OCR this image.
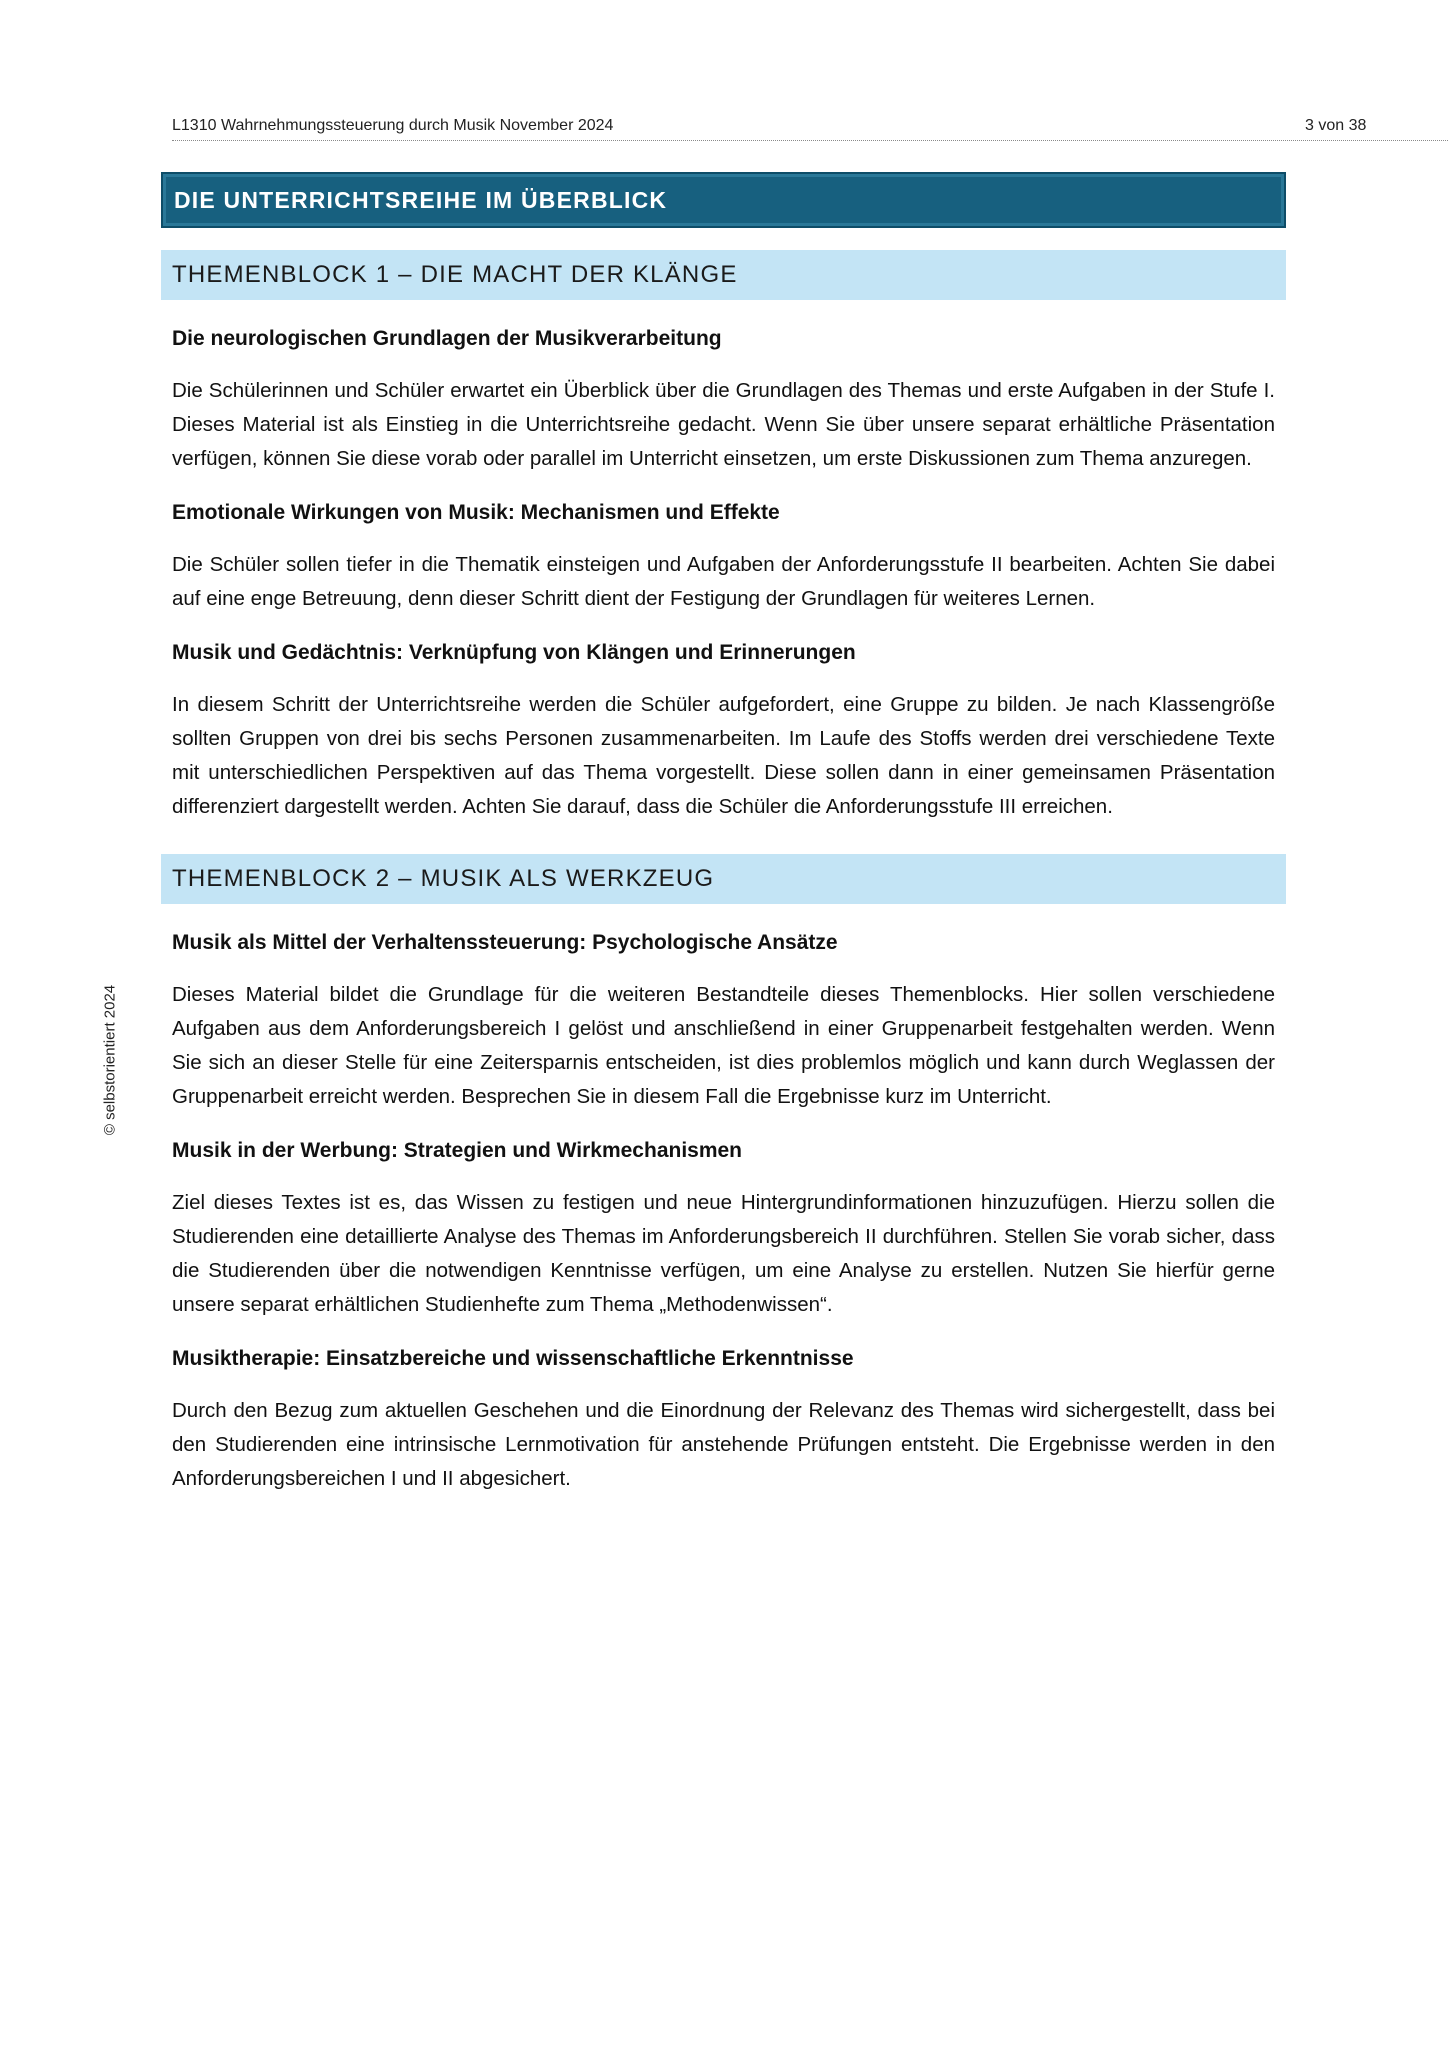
L1310 Wahrnehmungssteuerung durch Musik November 2024	3 von 38
© selbstorientiert 2024
DIE UNTERRICHTSREIHE IM ÜBERBLICK
THEMENBLOCK 1 – DIE MACHT DER KLÄNGE
Die neurologischen Grundlagen der Musikverarbeitung

Die Schülerinnen und Schüler erwartet ein Überblick über die Grundlagen des Themas und erste Aufgaben in der Stufe I. Dieses Material ist als Einstieg in die Unterrichtsreihe gedacht. Wenn Sie über unsere separat erhältliche Präsentation verfügen, können Sie diese vorab oder parallel im Unterricht einsetzen, um erste Diskussionen zum Thema anzuregen.

Emotionale Wirkungen von Musik: Mechanismen und Effekte

Die Schüler sollen tiefer in die Thematik einsteigen und Aufgaben der Anforderungsstufe II bearbeiten. Achten Sie dabei auf eine enge Betreuung, denn dieser Schritt dient der Festigung der Grundlagen für weiteres Lernen.

Musik und Gedächtnis: Verknüpfung von Klängen und Erinnerungen

In diesem Schritt der Unterrichtsreihe werden die Schüler aufgefordert, eine Gruppe zu bilden. Je nach Klassengröße sollten Gruppen von drei bis sechs Personen zusammenarbeiten. Im Laufe des Stoffs werden drei verschiedene Texte mit unterschiedlichen Perspektiven auf das Thema vorgestellt. Diese sollen dann in einer gemeinsamen Präsentation differenziert dargestellt werden. Achten Sie darauf, dass die Schüler die Anforderungsstufe III erreichen.

THEMENBLOCK 2 – MUSIK ALS WERKZEUG
Musik als Mittel der Verhaltenssteuerung: Psychologische Ansätze

Dieses Material bildet die Grundlage für die weiteren Bestandteile dieses Themenblocks. Hier sollen verschiedene Aufgaben aus dem Anforderungsbereich I gelöst und anschließend in einer Gruppenarbeit festgehalten werden. Wenn Sie sich an dieser Stelle für eine Zeitersparnis entscheiden, ist dies problemlos möglich und kann durch Weglassen der Gruppenarbeit erreicht werden. Besprechen Sie in diesem Fall die Ergebnisse kurz im Unterricht.

Musik in der Werbung: Strategien und Wirkmechanismen

Ziel dieses Textes ist es, das Wissen zu festigen und neue Hintergrundinformationen hinzuzufügen. Hierzu sollen die Studierenden eine detaillierte Analyse des Themas im Anforderungsbereich II durchführen. Stellen Sie vorab sicher, dass die Studierenden über die notwendigen Kenntnisse verfügen, um eine Analyse zu erstellen. Nutzen Sie hierfür gerne unsere separat erhältlichen Studienhefte zum Thema „Methodenwissen“.

Musiktherapie: Einsatzbereiche und wissenschaftliche Erkenntnisse

Durch den Bezug zum aktuellen Geschehen und die Einordnung der Relevanz des Themas wird sichergestellt, dass bei den Studierenden eine intrinsische Lernmotivation für anstehende Prüfungen entsteht. Die Ergebnisse werden in den Anforderungsbereichen I und II abgesichert.
